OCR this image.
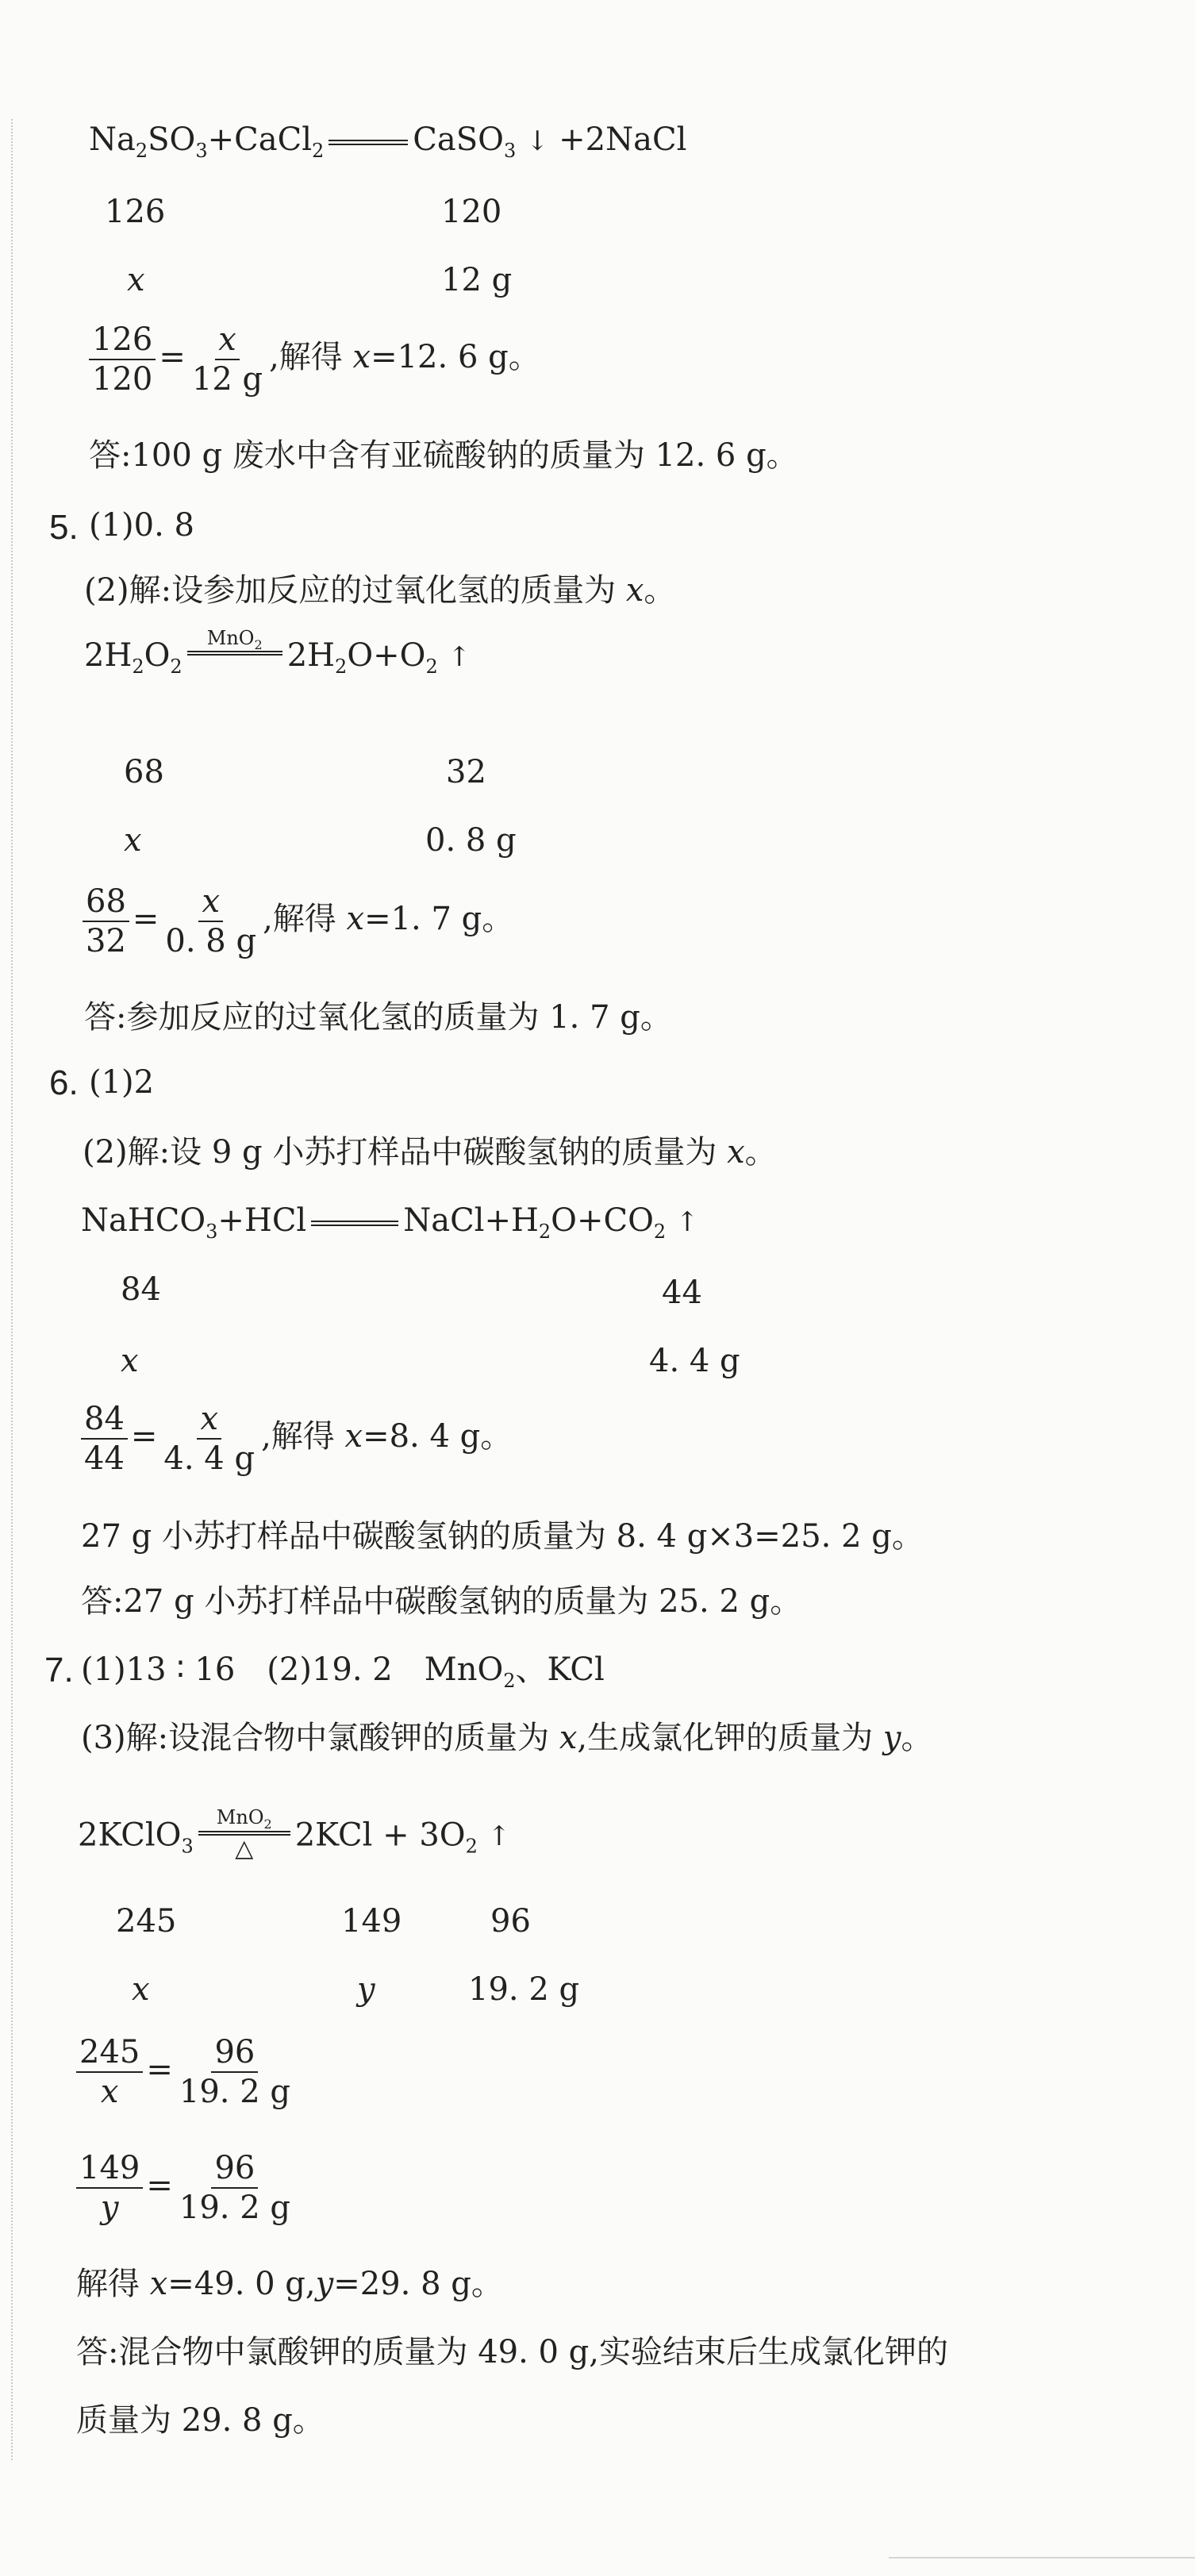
$Na_2SO_3+CaCl_2$	CaSO$_3$ ↓ +2NaCl
126	120
x	12 g
$\frac{126}{120} = \frac{x}{12 g}$ ,解得 x=12. 6 g。
答:100 g 废水中含有亚硫酸钠的质量为 12. 6 g。
5. (1)0. 8
(2)解:设参加反应的过氧化氢的质量为 x。
$2H_2O_2$
MnO$_2$ $2H_2O+O_2$ ↑
68	32
x	0. 8 g
$\frac{68}{32} = \frac{x}{0. 8 g}$ ,解得 x=1. 7 g。
答:参加反应的过氧化氢的质量为 1. 7 g。
6. (1)2
(2)解:设 9 g 小苏打样品中碳酸氢钠的质量为 x。
NaHCO$_3$+HCl	$NaCl+H_2O+CO_2$ ↑
84	44
x	4. 4 g
$\frac{84}{44} = \frac{x}{4. 4 g}$ ,解得 x=8. 4 g。
27 g 小苏打样品中碳酸氢钠的质量为 8. 4 g×3=25. 2 g。
答:27 g 小苏打样品中碳酸氢钠的质量为 25. 2 g。
7. (1)13 ∶ 16　(2)19. 2　MnO$_2$、KCl
(3)解:设混合物中氯酸钾的质量为 x,生成氯化钾的质量为 y。
2KClO$_3$
MnO$_2$
△ $2KCl + 3O_2$ ↑
245	149	96
x	y	19. 2 g
$\frac{245}{x} = \frac{96}{19. 2 g}$
$\frac{149}{y} = \frac{96}{19. 2 g}$
解得 x=49. 0 g,y=29. 8 g。
答:混合物中氯酸钾的质量为 49. 0 g,实验结束后生成氯化钾的
质量为 29. 8 g。
